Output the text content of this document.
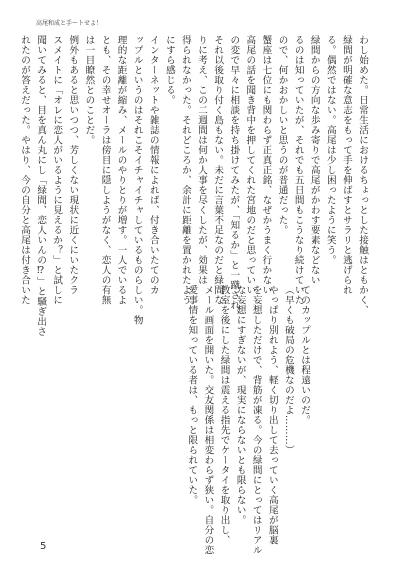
高尾和成と手ートせよ！
わし始めた。日常生活におけるちょっとした接触はともかく、
緑間が明確な意志をもって手を伸ばすとサラリと逃げられ
る。偶然ではない。高尾は少し困ったように笑う。
緑間からの方向な歩み寄りで高尾がかわす要素などない
るのは知っていたが、それでも五日間もこうなり続けていた
ので、何かおかしいと思うのが普通だった。
蟹座は七位にも関わらず正真正銘、なぜかうまく行かない
高尾の話を聞き背中を押してくれた宮地のだと思っていい
の変で早々に相談を持ち掛けてみたが、「知るか」と一蹴され、
それ以後取り付く島もない。未だに言葉不足なのだと緑間な
りに考え、この二週間は何か人事を尽くしたが、効果は
得られなかった。それどころか、余計に距離を置かれたよう
にすら感じる。
インターネットや雑誌の情報によれば、付き合いたてのカ
ップルというのはそれこそイチャイチャしているものらしい。物
理的な距離が縮み、メールのやりとりが増す。一人でいるよ
とも、その幸せオーラは傍目に隠しようがなく、恋人の有無
は一目瞭然とのことだ。
例外もあると思いつつ、芳しくない現状に近くにいたクラ
スメイトに「オレに恋人がいるように見えるか？」と試しに
聞いてみると、目を真ん丸にし「緑間、恋人いんの⁉」と騒ぎ出さ
れたのが答えだった。やはり、今の自分と高尾は付き合いた
てのカップルとは程遠いのだ。
（早くも破局の危機なのだよ………）
やっぱり別れよう、軽く切り出して去っていく高尾が脳裏
を妄想しただけで、背筋が凍る。今の緑間にとってはリアル
な妄想にすぎないが、現実にならないとも限らない。
教室を後にした緑間は震える指先でケータイを取り出し、
メール画面を開いた。交友関係は相変わらず狭い。自分の恋
愛事情を知っている者は、もっと限られていた。
5
